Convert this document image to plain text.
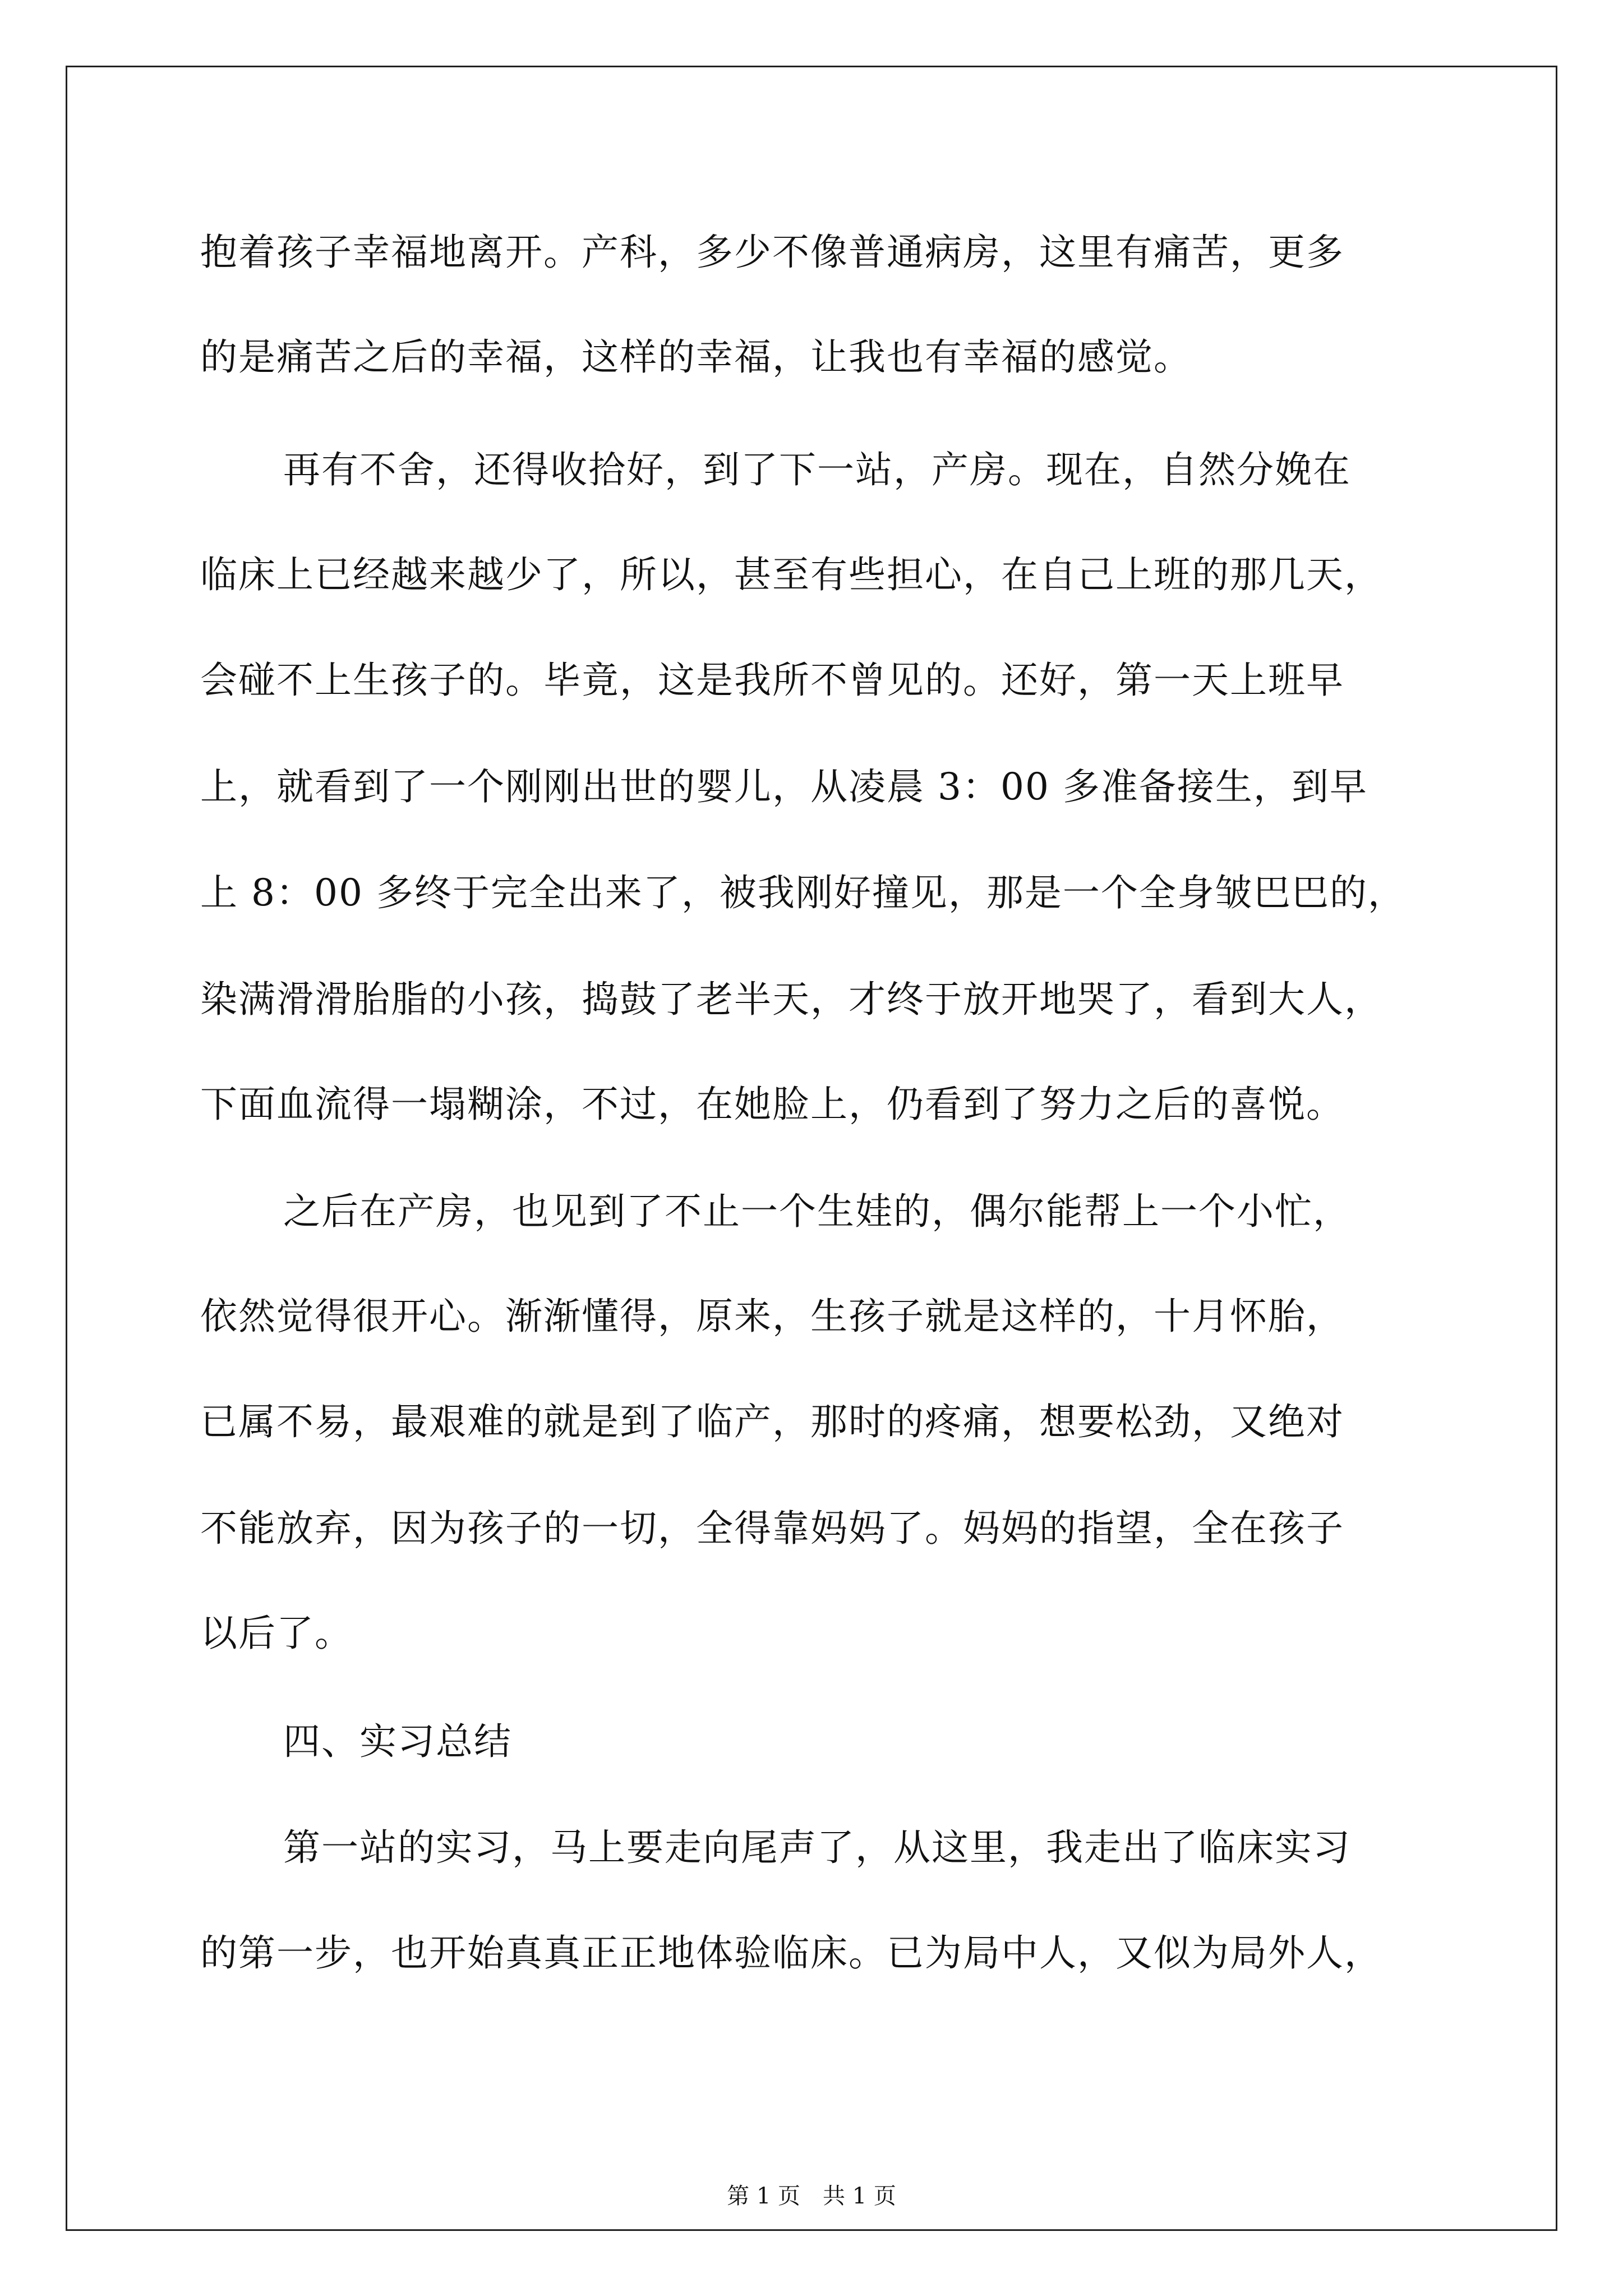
抱着孩子幸福地离开。产科，多少不像普通病房，这里有痛苦，更多
的是痛苦之后的幸福，这样的幸福，让我也有幸福的感觉。
再有不舍，还得收拾好，到了下一站，产房。现在，自然分娩在
临床上已经越来越少了，所以，甚至有些担心，在自己上班的那几天，
会碰不上生孩子的。毕竟，这是我所不曾见的。还好，第一天上班早
上，就看到了一个刚刚出世的婴儿，从凌晨 3：00 多准备接生，到早
上 8：00 多终于完全出来了，被我刚好撞见，那是一个全身皱巴巴的，
染满滑滑胎脂的小孩，捣鼓了老半天，才终于放开地哭了，看到大人，
下面血流得一塌糊涂，不过，在她脸上，仍看到了努力之后的喜悦。
之后在产房，也见到了不止一个生娃的，偶尔能帮上一个小忙，
依然觉得很开心。渐渐懂得，原来，生孩子就是这样的，十月怀胎，
已属不易，最艰难的就是到了临产，那时的疼痛，想要松劲，又绝对
不能放弃，因为孩子的一切，全得靠妈妈了。妈妈的指望，全在孩子
以后了。
四、实习总结
第一站的实习，马上要走向尾声了，从这里，我走出了临床实习
的第一步，也开始真真正正地体验临床。已为局中人，又似为局外人，
第 1 页　共 1 页
